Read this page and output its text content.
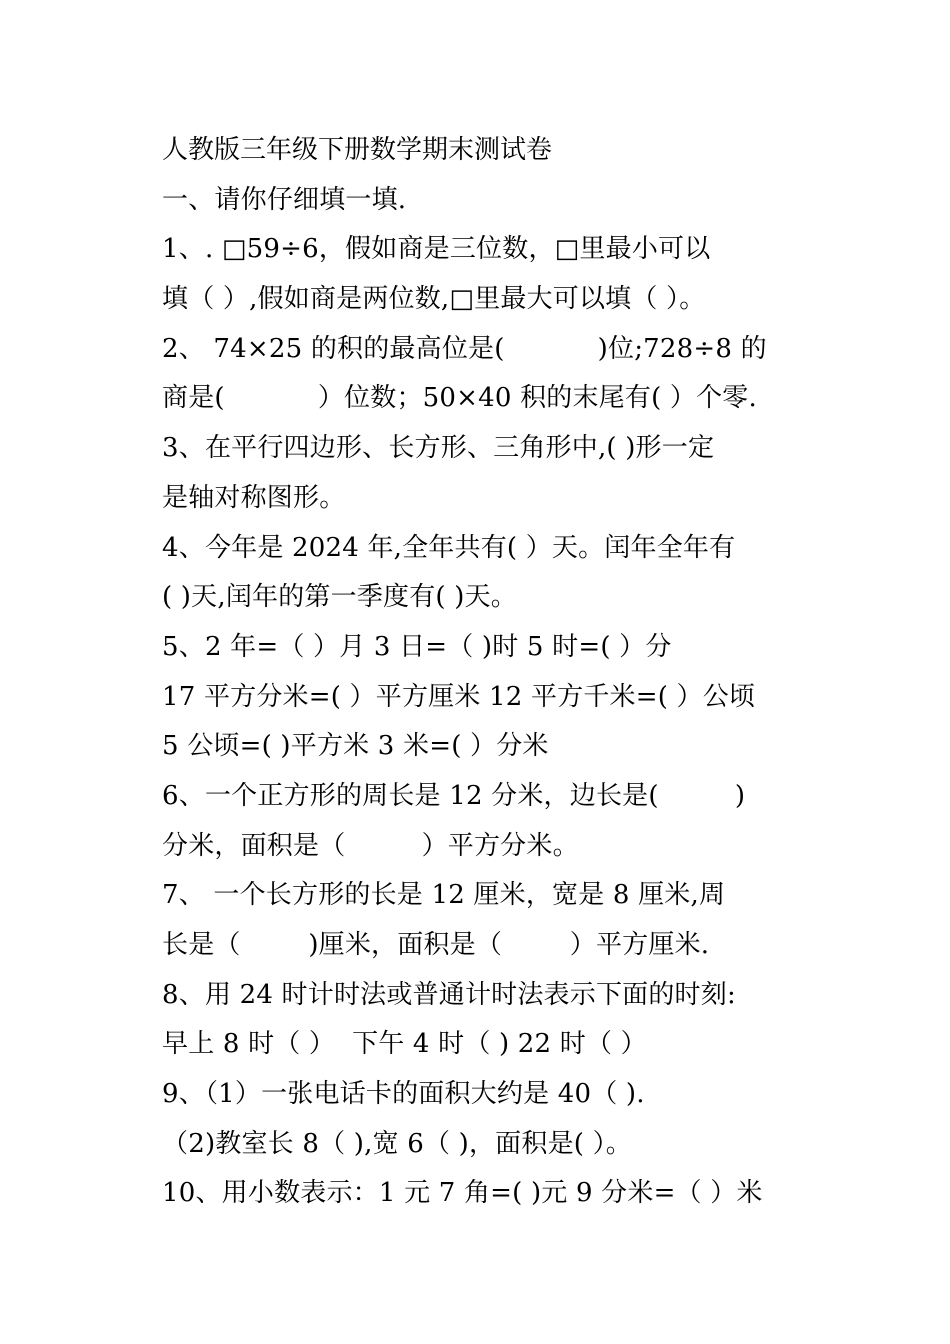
人教版三年级下册数学期末测试卷
一、请你仔细填一填.
1、. □59÷6，假如商是三位数，□里最小可以
填（ ）,假如商是两位数,□里最大可以填（ ）。
2、 74×25 的积的最高位是(           )位;728÷8 的
商是(           ）位数；50×40 积的末尾有( ）个零.
3、在平行四边形、长方形、三角形中,( )形一定
是轴对称图形。
4、今年是 2024 年,全年共有( ）天。闰年全年有
( )天,闰年的第一季度有( )天。
5、2 年=（ ）月 3 日=（ )时 5 时=( ）分
17 平方分米=( ）平方厘米 12 平方千米=( ）公顷
5 公顷=( )平方米 3 米=( ）分米
6、一个正方形的周长是 12 分米，边长是(         )
分米，面积是（         ）平方分米。
7、 一个长方形的长是 12 厘米，宽是 8 厘米,周
长是（        )厘米，面积是（        ）平方厘米.
8、用 24 时计时法或普通计时法表示下面的时刻:
早上 8 时（ ）  下午 4 时（ ) 22 时（ ）
9、（1）一张电话卡的面积大约是 40（ ).
（2)教室长 8（ ),宽 6（ )，面积是( ）。
10、用小数表示：1 元 7 角=( )元 9 分米=（ ）米
